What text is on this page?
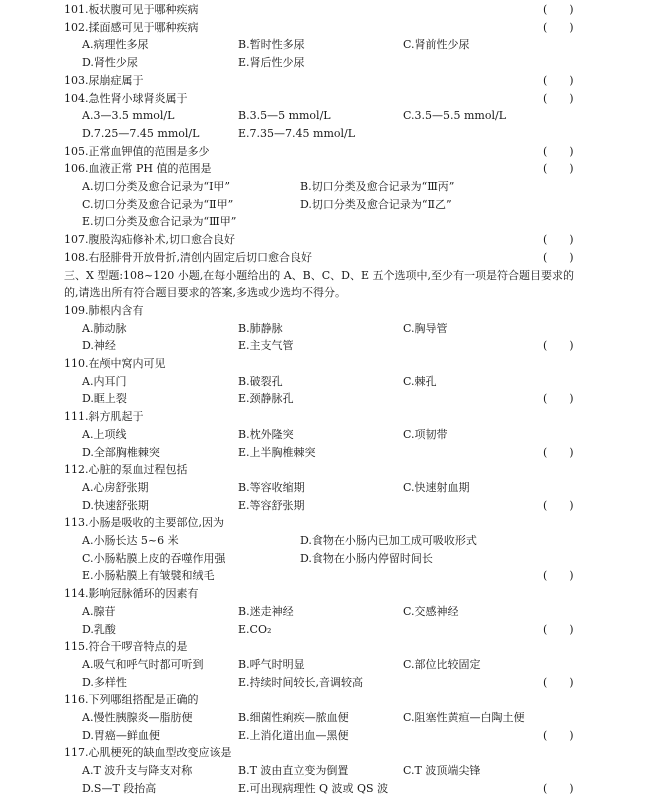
101.板状腹可见于哪种疾病	(　　)
102.揉面感可见于哪种疾病	(　　)
A.病理性多尿	B.暂时性多尿	C.肾前性少尿
D.肾性少尿	E.肾后性少尿
103.尿崩症属于	(　　)
104.急性肾小球肾炎属于	(　　)
A.3—3.5 mmol/L	B.3.5—5 mmol/L	C.3.5—5.5 mmol/L
D.7.25—7.45 mmol/L	E.7.35—7.45 mmol/L
105.正常血钾值的范围是多少	(　　)
106.血液正常 PH 值的范围是	(　　)
A.切口分类及愈合记录为“Ⅰ甲”	B.切口分类及愈合记录为“Ⅲ丙”
C.切口分类及愈合记录为“Ⅱ甲”	D.切口分类及愈合记录为“Ⅱ乙”
E.切口分类及愈合记录为“Ⅲ甲”
107.腹股沟疝修补术,切口愈合良好	(　　)
108.右胫腓骨开放骨折,清创内固定后切口愈合良好	(　　)
三、X 型题:108~120 小题,在每小题给出的 A、B、C、D、E 五个选项中,至少有一项是符合题目要求的
的,请选出所有符合题目要求的答案,多选或少选均不得分。
109.肺根内含有
A.肺动脉	B.肺静脉	C.胸导管
D.神经	E.主支气管	(　　)
110.在颅中窝内可见
A.内耳门	B.破裂孔	C.棘孔
D.眶上裂	E.颈静脉孔	(　　)
111.斜方肌起于
A.上项线	B.枕外隆突	C.项韧带
D.全部胸椎棘突	E.上半胸椎棘突	(　　)
112.心脏的泵血过程包括
A.心房舒张期	B.等容收缩期	C.快速射血期
D.快速舒张期	E.等容舒张期	(　　)
113.小肠是吸收的主要部位,因为
A.小肠长达 5~6 米	D.食物在小肠内已加工成可吸收形式
C.小肠粘膜上皮的吞噬作用强	D.食物在小肠内停留时间长
E.小肠粘膜上有皱襞和绒毛	(　　)
114.影响冠脉循环的因素有
A.腺苷	B.迷走神经	C.交感神经
D.乳酸	E.CO₂	(　　)
115.符合干啰音特点的是
A.吸气和呼气时都可听到	B.呼气时明显	C.部位比较固定
D.多样性	E.持续时间较长,音调较高	(　　)
116.下列哪组搭配是正确的
A.慢性胰腺炎—脂肪便	B.细菌性痢疾—脓血便	C.阻塞性黄疸—白陶土便
D.胃癌—鲜血便	E.上消化道出血—黑便	(　　)
117.心肌梗死的缺血型改变应该是
A.T 波升支与降支对称	B.T 波由直立变为倒置	C.T 波顶端尖锋
D.S—T 段抬高	E.可出现病理性 Q 波或 QS 波	(　　)
